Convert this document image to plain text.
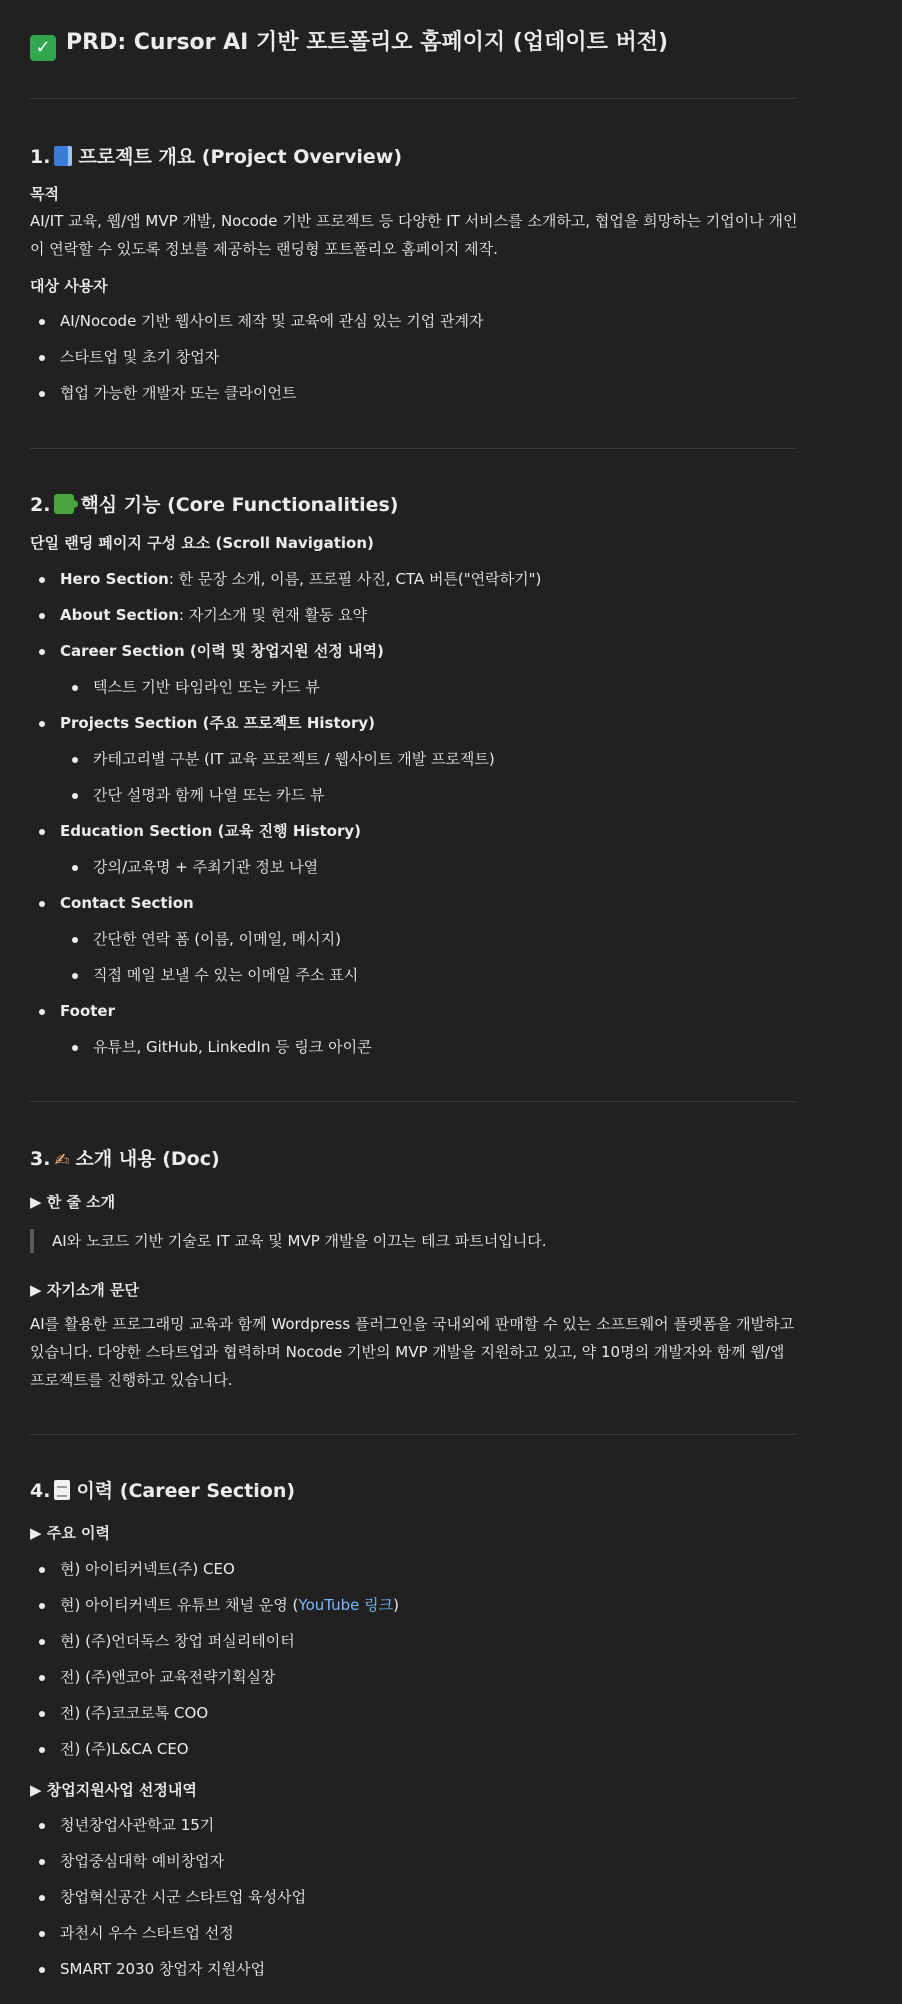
✓ PRD: Cursor AI 기반 포트폴리오 홈페이지 (업데이트 버전)
1. 프로젝트 개요 (Project Overview)
목적
AI/IT 교육, 웹/앱 MVP 개발, Nocode 기반 프로젝트 등 다양한 IT 서비스를 소개하고, 협업을 희망하는 기업이나 개인이 연락할 수 있도록 정보를 제공하는 랜딩형 포트폴리오 홈페이지 제작.
대상 사용자
AI/Nocode 기반 웹사이트 제작 및 교육에 관심 있는 기업 관계자
스타트업 및 초기 창업자
협업 가능한 개발자 또는 클라이언트
2. 핵심 기능 (Core Functionalities)
단일 랜딩 페이지 구성 요소 (Scroll Navigation)
Hero Section: 한 문장 소개, 이름, 프로필 사진, CTA 버튼("연락하기")
About Section: 자기소개 및 현재 활동 요약
Career Section (이력 및 창업지원 선정 내역)
텍스트 기반 타임라인 또는 카드 뷰
Projects Section (주요 프로젝트 History)
카테고리별 구분 (IT 교육 프로젝트 / 웹사이트 개발 프로젝트)
간단 설명과 함께 나열 또는 카드 뷰
Education Section (교육 진행 History)
강의/교육명 + 주최기관 정보 나열
Contact Section
간단한 연락 폼 (이름, 이메일, 메시지)
직접 메일 보낼 수 있는 이메일 주소 표시
Footer
유튜브, GitHub, LinkedIn 등 링크 아이콘
3. ✍ 소개 내용 (Doc)
▶ 한 줄 소개
AI와 노코드 기반 기술로 IT 교육 및 MVP 개발을 이끄는 테크 파트너입니다.
▶ 자기소개 문단
AI를 활용한 프로그래밍 교육과 함께 Wordpress 플러그인을 국내외에 판매할 수 있는 소프트웨어 플랫폼을 개발하고 있습니다. 다양한 스타트업과 협력하며 Nocode 기반의 MVP 개발을 지원하고 있고, 약 10명의 개발자와 함께 웹/앱 프로젝트를 진행하고 있습니다.
4. 이력 (Career Section)
▶ 주요 이력
현) 아이티커넥트(주) CEO
현) 아이티커넥트 유튜브 채널 운영 (YouTube 링크)
현) (주)언더독스 창업 퍼실리테이터
전) (주)앤코아 교육전략기획실장
전) (주)코코로톡 COO
전) (주)L&CA CEO
▶ 창업지원사업 선정내역
청년창업사관학교 15기
창업중심대학 예비창업자
창업혁신공간 시군 스타트업 육성사업
과천시 우수 스타트업 선정
SMART 2030 창업자 지원사업
